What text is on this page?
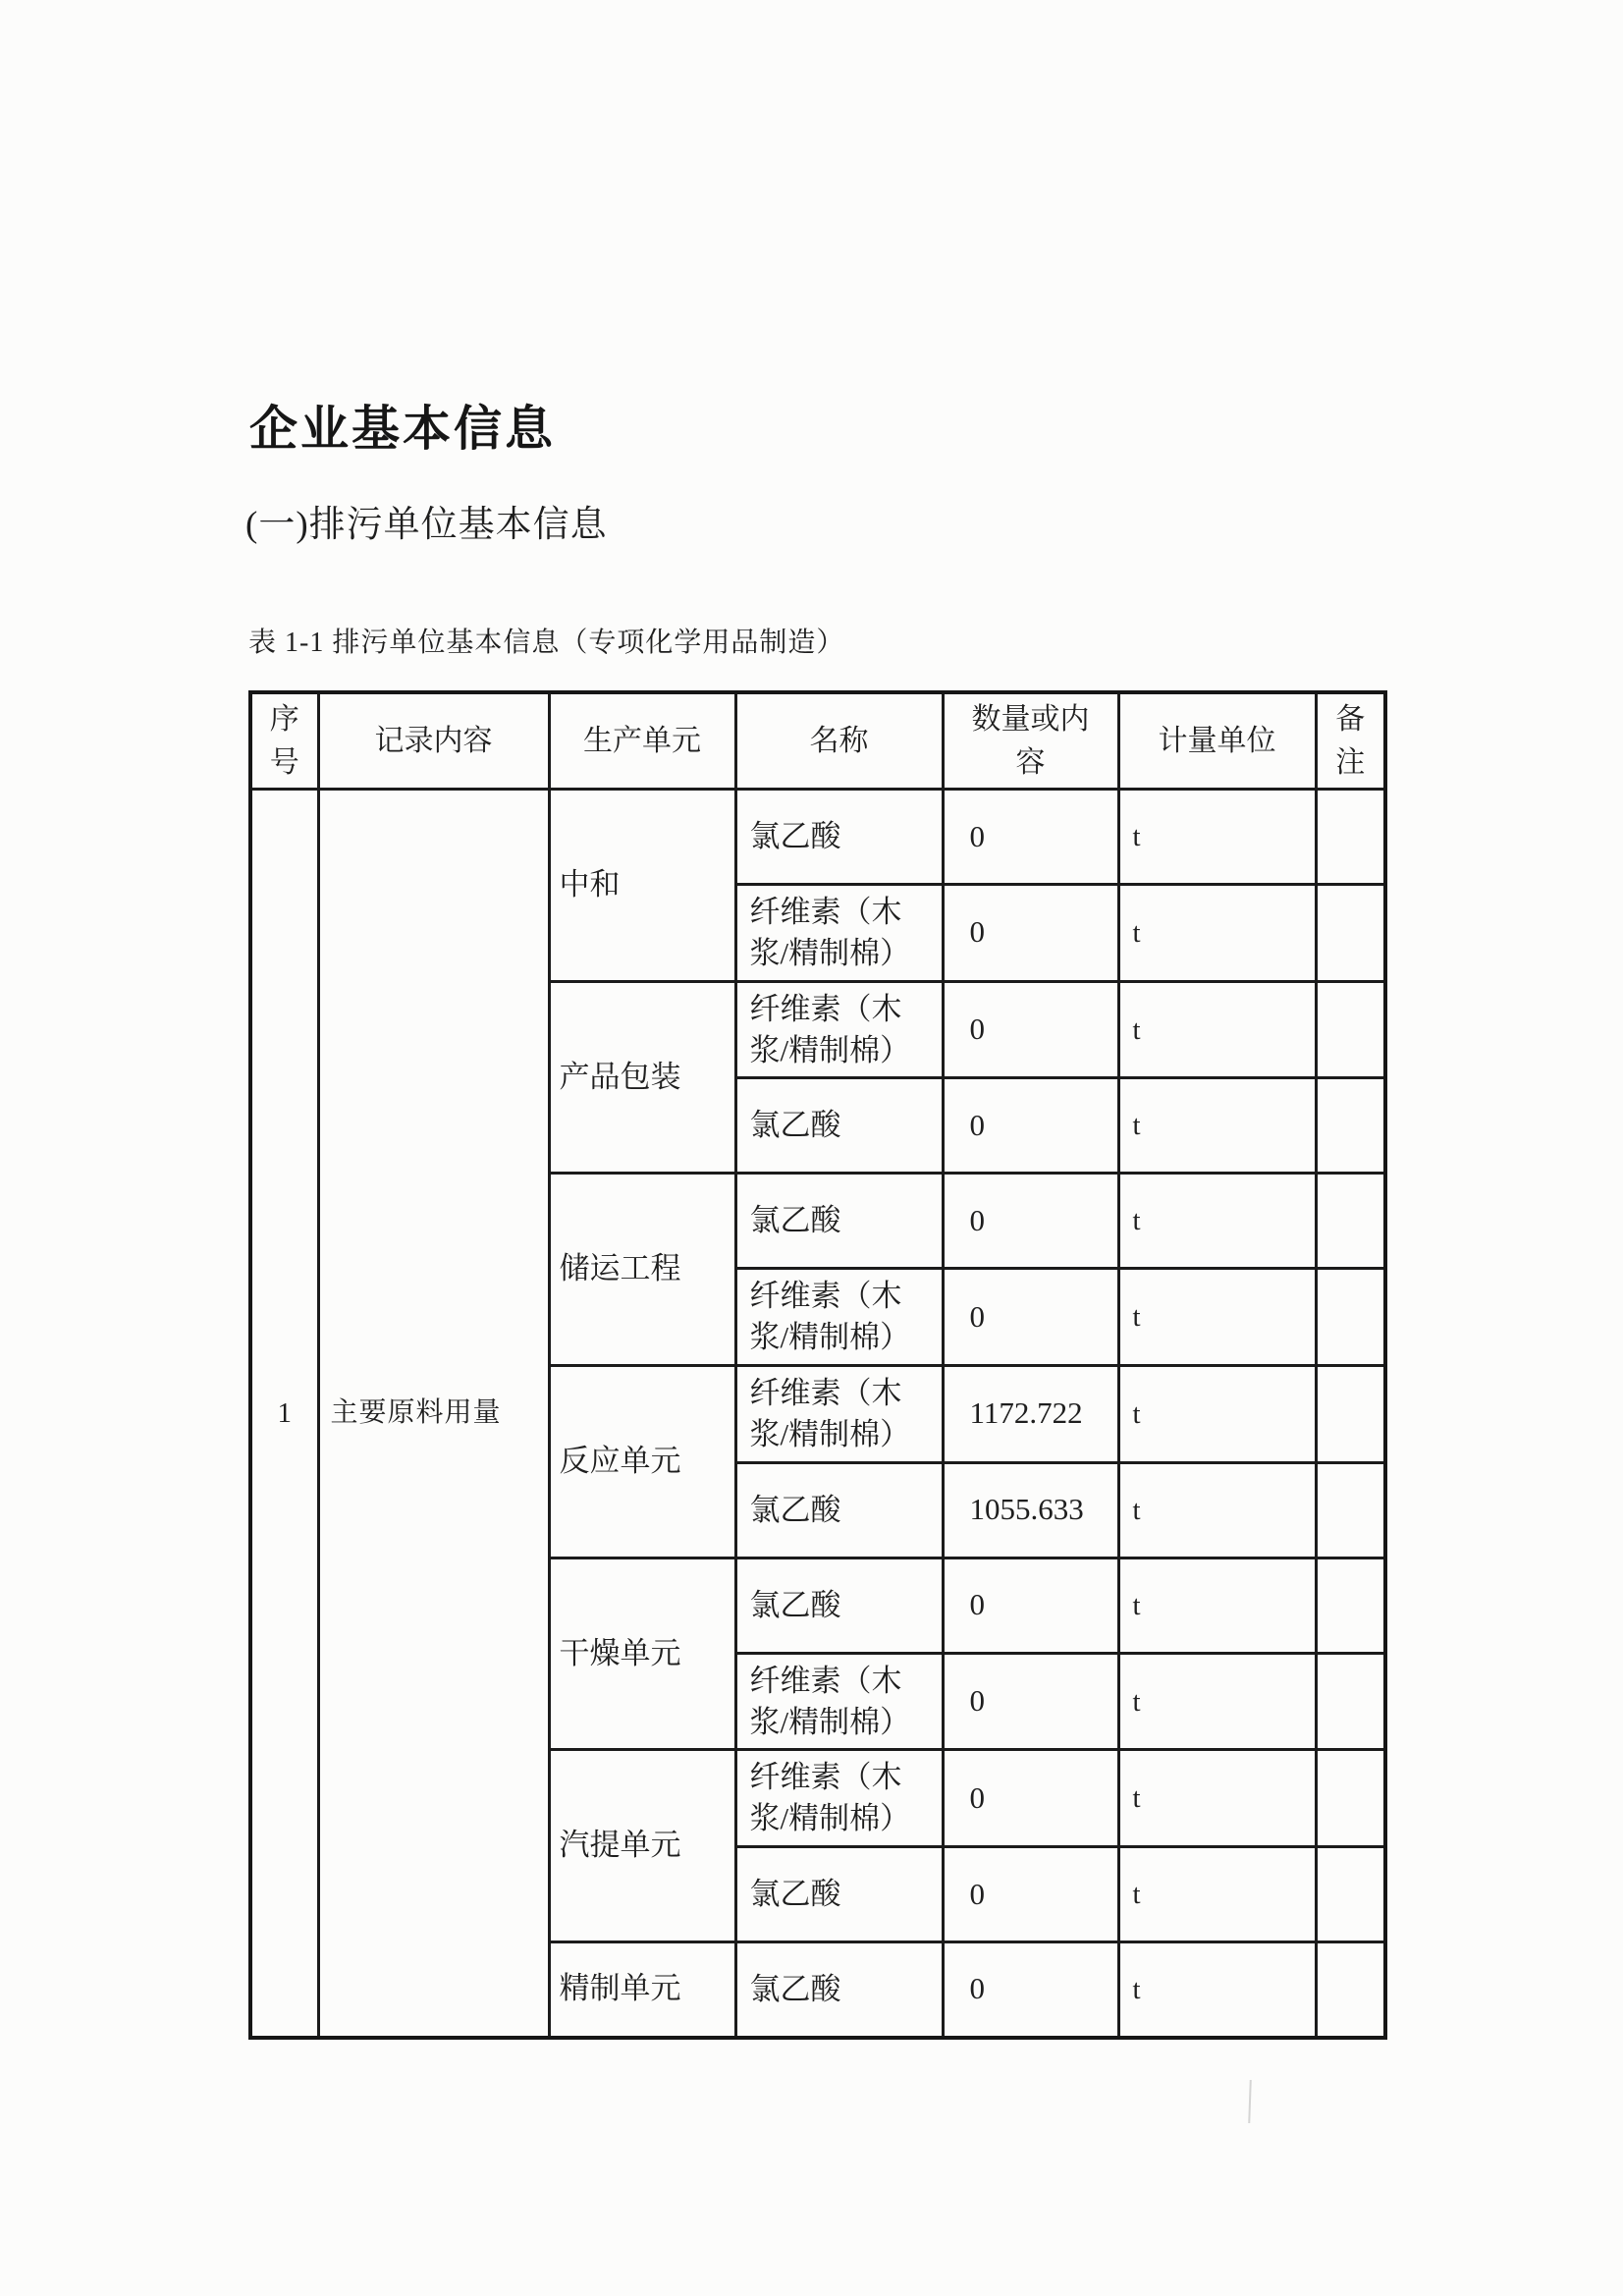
企业基本信息
(一)排污单位基本信息
表 1-1 排污单位基本信息（专项化学用品制造）
序号	记录内容	生产单元	名称	数量或内容	计量单位	备注
1	主要原料用量	中和	氯乙酸	0	t	
			纤维素（木浆/精制棉）	0	t	
		产品包装	纤维素（木浆/精制棉）	0	t	
			氯乙酸	0	t	
		储运工程	氯乙酸	0	t	
			纤维素（木浆/精制棉）	0	t	
		反应单元	纤维素（木浆/精制棉）	1172.722	t	
			氯乙酸	1055.633	t	
		干燥单元	氯乙酸	0	t	
			纤维素（木浆/精制棉）	0	t	
		汽提单元	纤维素（木浆/精制棉）	0	t	
			氯乙酸	0	t	
		精制单元	氯乙酸	0	t	
